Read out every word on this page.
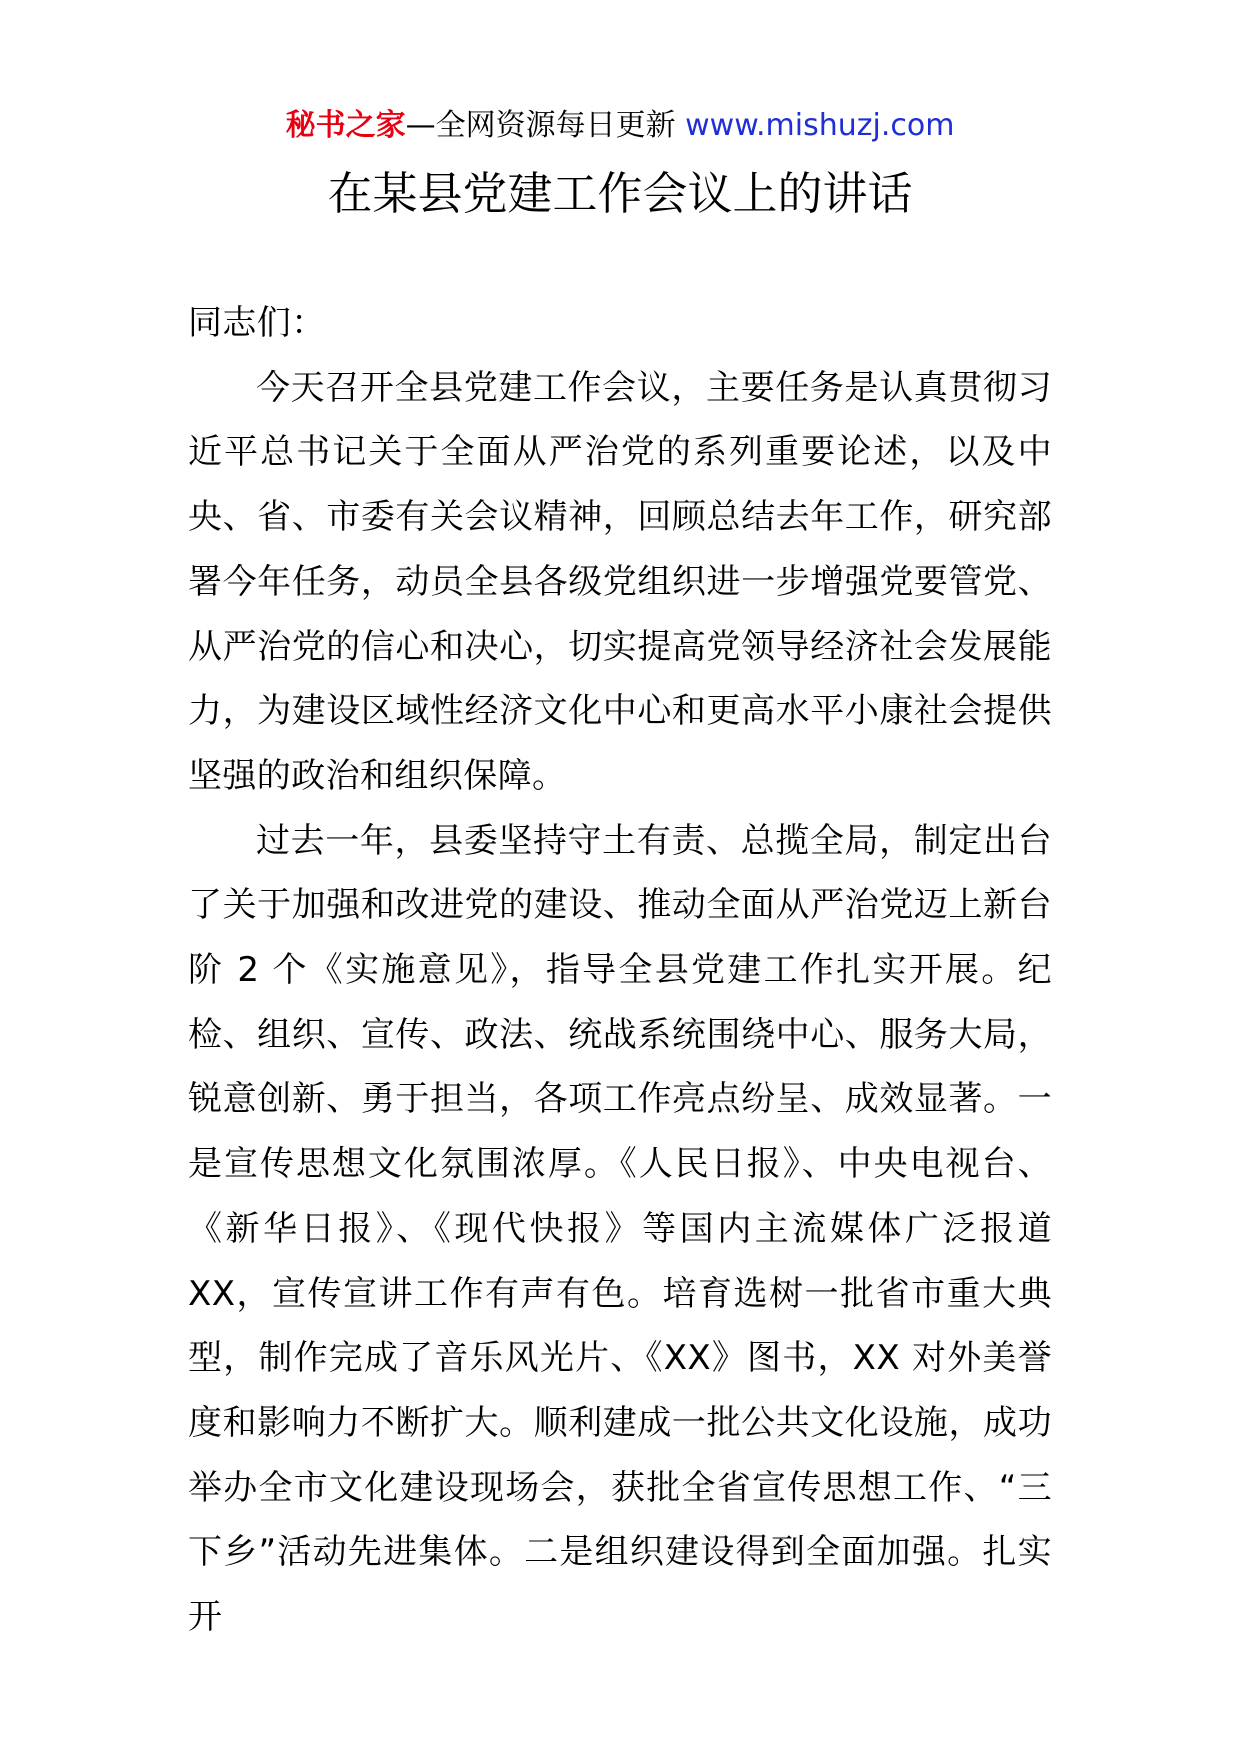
秘书之家—全网资源每日更新 www.mishuzj.com
在某县党建工作会议上的讲话

同志们：

今天召开全县党建工作会议，主要任务是认真贯彻习近平总书记关于全面从严治党的系列重要论述，以及中央、省、市委有关会议精神，回顾总结去年工作，研究部署今年任务，动员全县各级党组织进一步增强党要管党、从严治党的信心和决心，切实提高党领导经济社会发展能力，为建设区域性经济文化中心和更高水平小康社会提供坚强的政治和组织保障。

过去一年，县委坚持守土有责、总揽全局，制定出台了关于加强和改进党的建设、推动全面从严治党迈上新台阶 2 个《实施意见》，指导全县党建工作扎实开展。纪检、组织、宣传、政法、统战系统围绕中心、服务大局，锐意创新、勇于担当，各项工作亮点纷呈、成效显著。一是宣传思想文化氛围浓厚。《人民日报》、中央电视台、《新华日报》、《现代快报》等国内主流媒体广泛报道 XX，宣传宣讲工作有声有色。培育选树一批省市重大典型，制作完成了音乐风光片、《XX》图书，XX 对外美誉度和影响力不断扩大。顺利建成一批公共文化设施，成功举办全市文化建设现场会，获批全省宣传思想工作、“三下乡”活动先进集体。二是组织建设得到全面加强。扎实开
